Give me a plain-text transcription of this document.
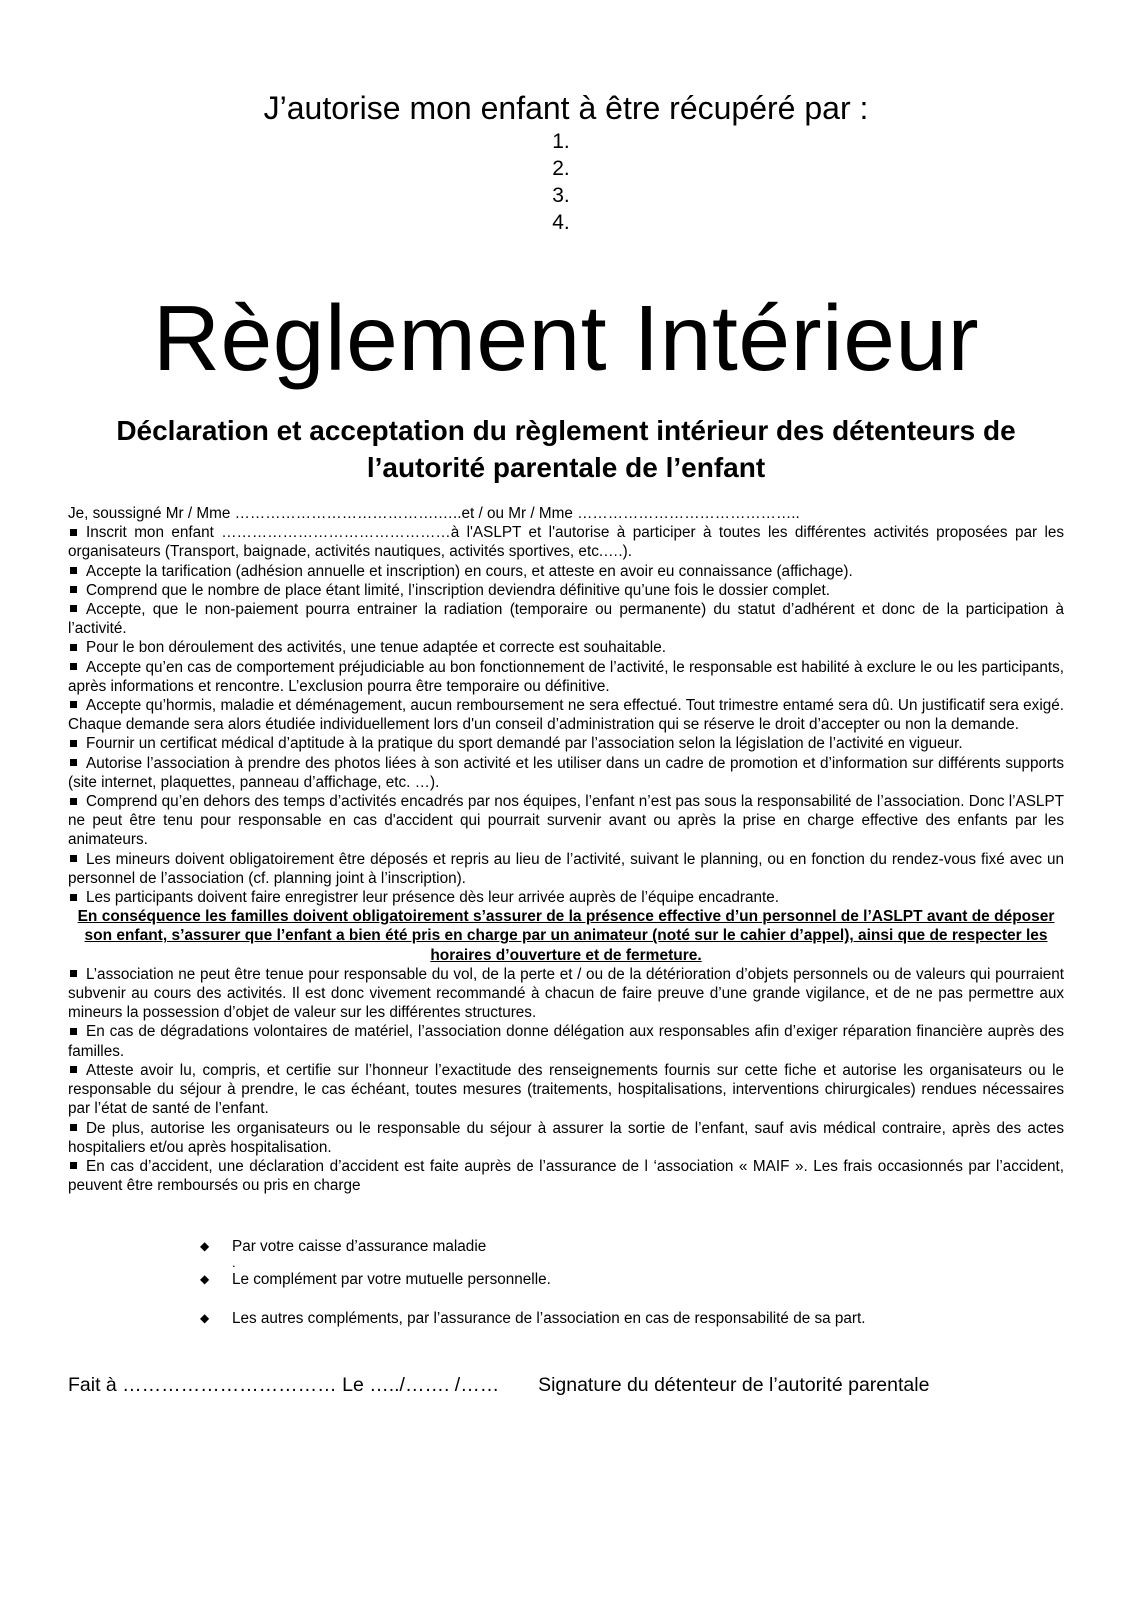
J’autorise mon enfant à être récupéré par :
1.
2.
3.
4.
Règlement Intérieur
Déclaration et acceptation du règlement intérieur des détenteurs de l’autorité parentale de l’enfant

Je, soussigné Mr / Mme ………………………………….…..et / ou Mr / Mme ……………………………………..

Inscrit mon enfant ………………………………………à l'ASLPT et l'autorise à participer à toutes les différentes activités proposées par les organisateurs (Transport, baignade, activités nautiques, activités sportives, etc.….).

Accepte la tarification (adhésion annuelle et inscription) en cours, et atteste en avoir eu connaissance (affichage).

Comprend que le nombre de place étant limité, l’inscription deviendra définitive qu’une fois le dossier complet.

Accepte, que le non-paiement pourra entrainer la radiation (temporaire ou permanente) du statut d’adhérent et donc de la participation à l’activité.

Pour le bon déroulement des activités, une tenue adaptée et correcte est souhaitable.

Accepte qu’en cas de comportement préjudiciable au bon fonctionnement de l’activité, le responsable est habilité à exclure le ou les participants, après informations et rencontre. L’exclusion pourra être temporaire ou définitive.

Accepte qu’hormis, maladie et déménagement, aucun remboursement ne sera effectué. Tout trimestre entamé sera dû. Un justificatif sera exigé. Chaque demande sera alors étudiée individuellement lors d'un conseil d’administration qui se réserve le droit d’accepter ou non la demande.

Fournir un certificat médical d’aptitude à la pratique du sport demandé par l’association selon la législation de l’activité en vigueur.

Autorise l’association à prendre des photos liées à son activité et les utiliser dans un cadre de promotion et d’information sur différents supports (site internet, plaquettes, panneau d’affichage, etc. …).

Comprend qu’en dehors des temps d’activités encadrés par nos équipes, l’enfant n’est pas sous la responsabilité de l’association. Donc l’ASLPT ne peut être tenu pour responsable en cas d'accident qui pourrait survenir avant ou après la prise en charge effective des enfants par les animateurs.

Les mineurs doivent obligatoirement être déposés et repris au lieu de l’activité, suivant le planning, ou en fonction du rendez-vous fixé avec un personnel de l’association (cf. planning joint à l’inscription).

Les participants doivent faire enregistrer leur présence dès leur arrivée auprès de l’équipe encadrante.

En conséquence les familles doivent obligatoirement s’assurer de la présence effective d’un personnel de l’ASLPT avant de déposer son enfant, s’assurer que l’enfant a bien été pris en charge par un animateur (noté sur le cahier d’appel), ainsi que de respecter les horaires d’ouverture et de fermeture.

L’association ne peut être tenue pour responsable du vol, de la perte et / ou de la détérioration d’objets personnels ou de valeurs qui pourraient subvenir au cours des activités. Il est donc vivement recommandé à chacun de faire preuve d’une grande vigilance, et de ne pas permettre aux mineurs la possession d’objet de valeur sur les différentes structures.

En cas de dégradations volontaires de matériel, l’association donne délégation aux responsables afin d’exiger réparation financière auprès des familles.

Atteste avoir lu, compris, et certifie sur l’honneur l’exactitude des renseignements fournis sur cette fiche et autorise les organisateurs ou le responsable du séjour à prendre, le cas échéant, toutes mesures (traitements, hospitalisations, interventions chirurgicales) rendues nécessaires par l’état de santé de l’enfant.

De plus, autorise les organisateurs ou le responsable du séjour à assurer la sortie de l’enfant, sauf avis médical contraire, après des actes hospitaliers et/ou après hospitalisation.

En cas d’accident, une déclaration d’accident est faite auprès de l’assurance de l ‘association « MAIF ». Les frais occasionnés par l’accident, peuvent être remboursés ou pris en charge

◆ Par votre caisse d’assurance maladie
.
◆ Le complément par votre mutuelle personnelle.
◆ Les autres compléments, par l’assurance de l’association en cas de responsabilité de sa part.
Fait à …………………………… Le …../……. /…… Signature du détenteur de l’autorité parentale
